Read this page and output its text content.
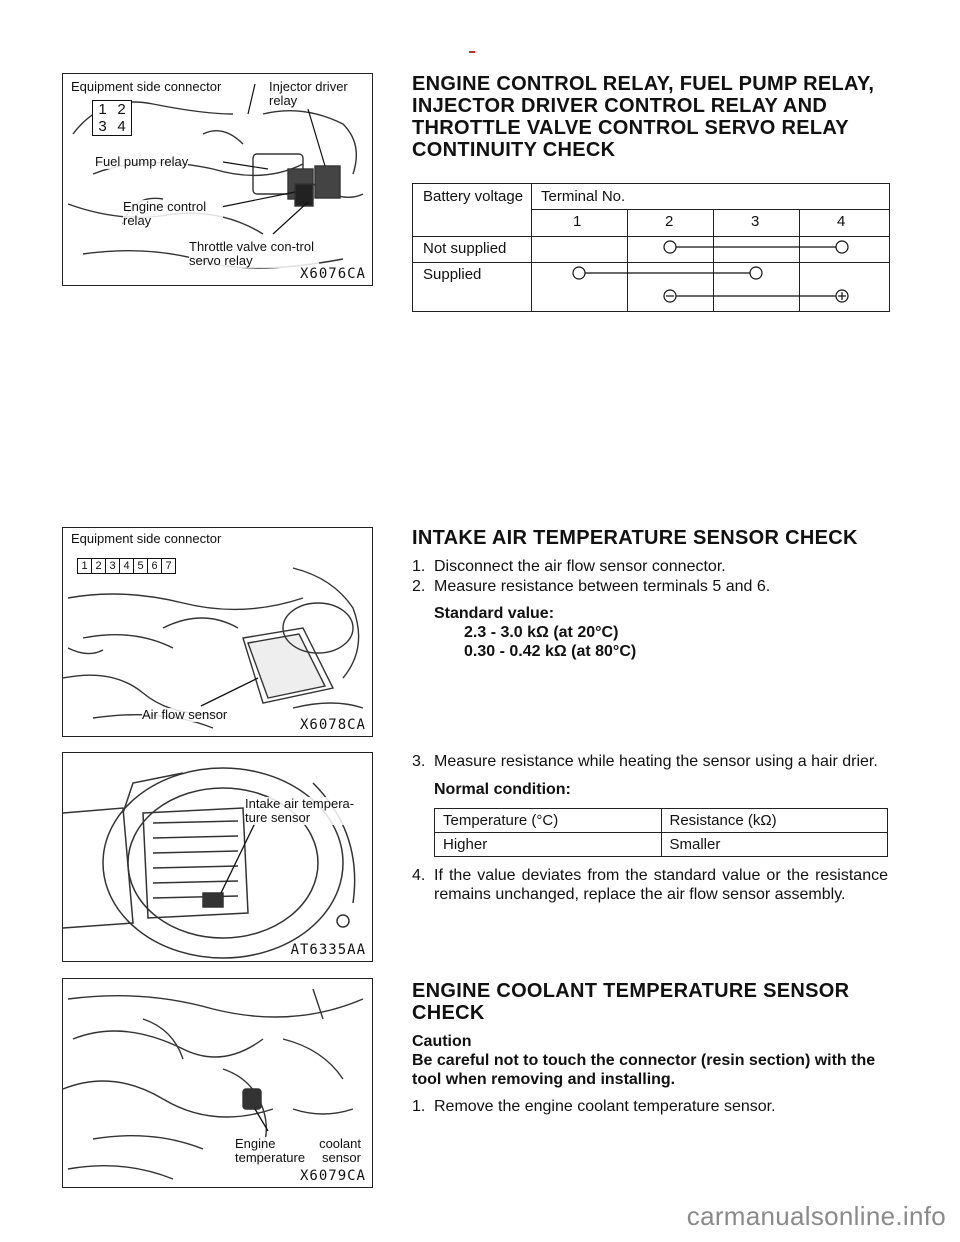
Equipment side connector	Injector driver relay
1 2
3 4
Fuel pump relay
Engine control relay
Throttle valve con-trol servo relay
X6076CA
ENGINE CONTROL RELAY, FUEL PUMP RELAY, INJECTOR DRIVER CONTROL RELAY AND THROTTLE VALVE CONTROL SERVO RELAY CONTINUITY CHECK
Battery voltage Terminal No.
1	2	3	4
Not supplied
Supplied
Equipment side connector
1 2 3 4 5 6 7
Air flow sensor
X6078CA
INTAKE AIR TEMPERATURE SENSOR CHECK

1. Disconnect the air flow sensor connector.

2. Measure resistance between terminals 5 and 6.

Standard value:

2.3 - 3.0 kΩ (at 20°C)

0.30 - 0.42 kΩ (at 80°C)

Intake air tempera-ture sensor
AT6335AA

3. Measure resistance while heating the sensor using a hair drier.

Normal condition:

Temperature (°C)	Resistance (kΩ)
Higher	Smaller

4. If the value deviates from the standard value or the resistance remains unchanged, replace the air flow sensor assembly.

Engine coolant temperature sensor
X6079CA
ENGINE COOLANT TEMPERATURE SENSOR CHECK

Caution

Be careful not to touch the connector (resin section) with the tool when removing and installing.

1. Remove the engine coolant temperature sensor.

carmanualsonline.info
